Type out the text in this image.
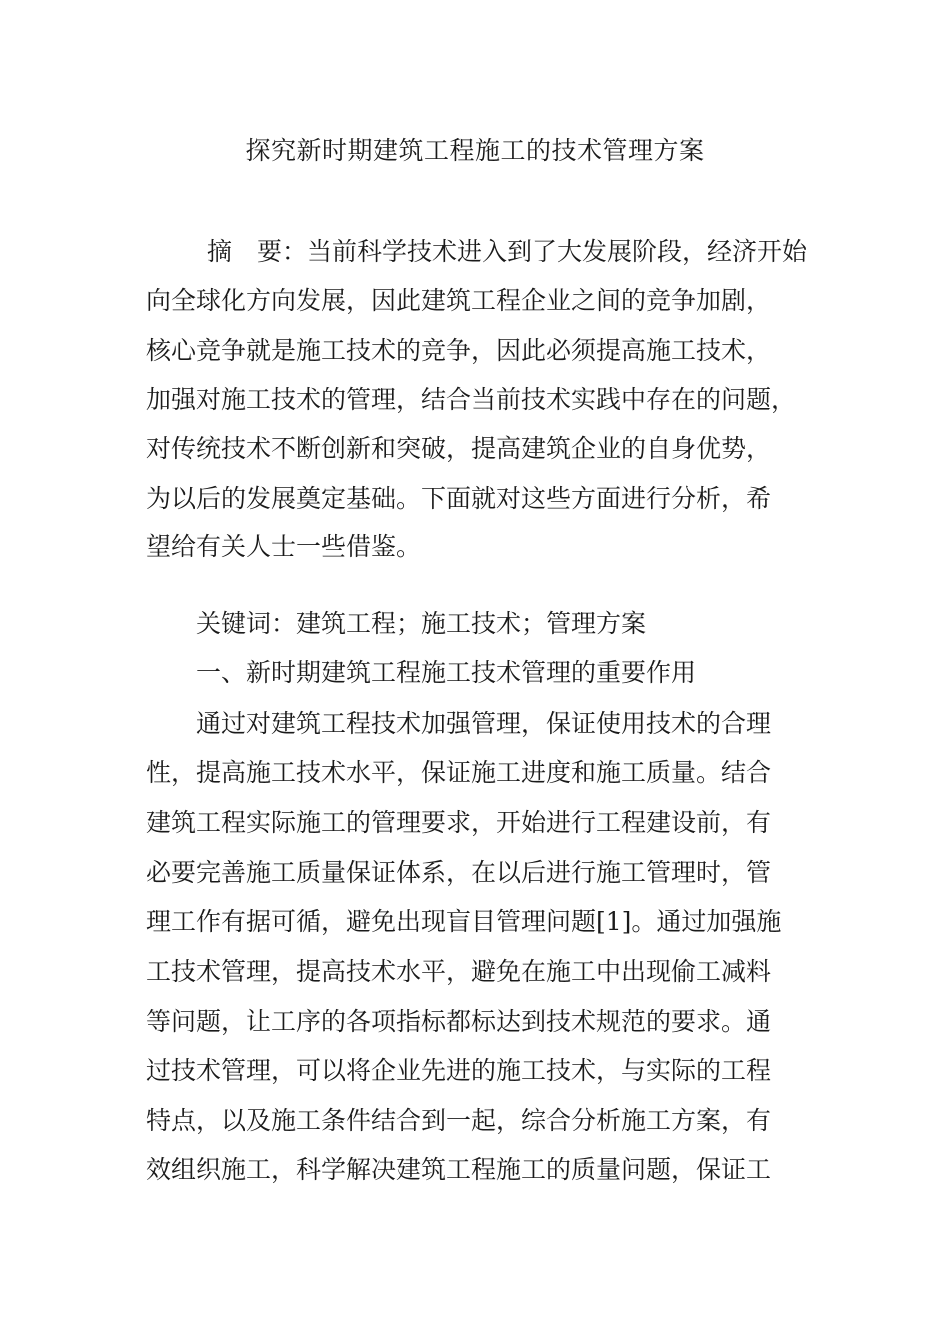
探究新时期建筑工程施工的技术管理方案
　摘　要：当前科学技术进入到了大发展阶段，经济开始
向全球化方向发展，因此建筑工程企业之间的竞争加剧，
核心竞争就是施工技术的竞争，因此必须提高施工技术，
加强对施工技术的管理，结合当前技术实践中存在的问题，
对传统技术不断创新和突破，提高建筑企业的自身优势，
为以后的发展奠定基础。下面就对这些方面进行分析，希
望给有关人士一些借鉴。
关键词：建筑工程；施工技术；管理方案
一、新时期建筑工程施工技术管理的重要作用
通过对建筑工程技术加强管理，保证使用技术的合理
性，提高施工技术水平，保证施工进度和施工质量。结合
建筑工程实际施工的管理要求，开始进行工程建设前，有
必要完善施工质量保证体系，在以后进行施工管理时，管
理工作有据可循，避免出现盲目管理问题[1]。通过加强施
工技术管理，提高技术水平，避免在施工中出现偷工减料
等问题，让工序的各项指标都标达到技术规范的要求。通
过技术管理，可以将企业先进的施工技术，与实际的工程
特点，以及施工条件结合到一起，综合分析施工方案，有
效组织施工，科学解决建筑工程施工的质量问题，保证工
